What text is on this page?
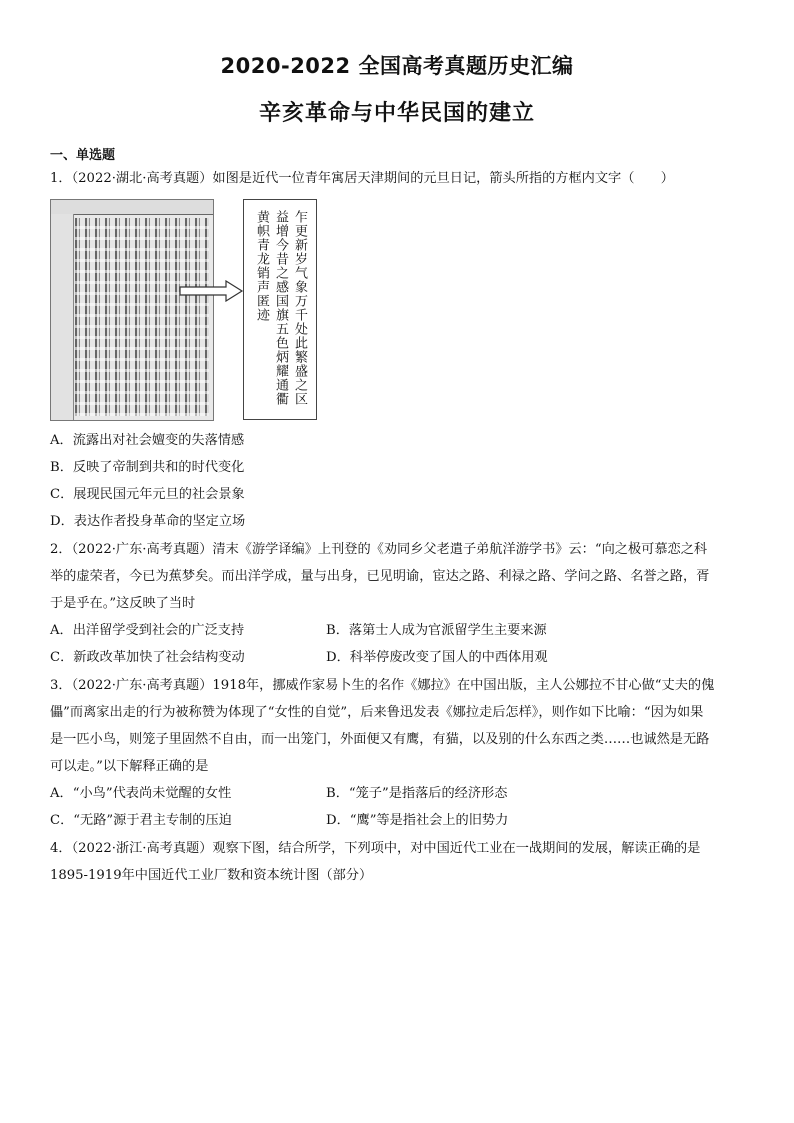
2020-2022 全国高考真题历史汇编
辛亥革命与中华民国的建立
一、单选题
1．（2022·湖北·高考真题）如图是近代一位青年寓居天津期间的元旦日记，箭头所指的方框内文字（　　）
乍更新岁气象万千处此繁盛之区
益增今昔之感国旗五色炳耀通衢
黄帜青龙销声匿迹
A．流露出对社会嬗变的失落情感
B．反映了帝制到共和的时代变化
C．展现民国元年元旦的社会景象
D．表达作者投身革命的坚定立场
2．（2022·广东·高考真题）清末《游学译编》上刊登的《劝同乡父老遣子弟航洋游学书》云：“向之极可慕恋之科
举的虚荣者，今已为蕉梦矣。而出洋学成，量与出身，已见明谕，宦达之路、利禄之路、学问之路、名誉之路，胥
于是乎在。”这反映了当时
A．出洋留学受到社会的广泛支持	B．落第士人成为官派留学生主要来源
C．新政改革加快了社会结构变动	D．科举停废改变了国人的中西体用观
3．（2022·广东·高考真题）1918年，挪威作家易卜生的名作《娜拉》在中国出版，主人公娜拉不甘心做“丈夫的傀
儡”而离家出走的行为被称赞为体现了“女性的自觉”，后来鲁迅发表《娜拉走后怎样》，则作如下比喻：“因为如果
是一匹小鸟，则笼子里固然不自由，而一出笼门，外面便又有鹰，有猫，以及别的什么东西之类……也诚然是无路
可以走。”以下解释正确的是
A．“小鸟”代表尚未觉醒的女性	B．“笼子”是指落后的经济形态
C．“无路”源于君主专制的压迫	D．“鹰”等是指社会上的旧势力
4．（2022·浙江·高考真题）观察下图，结合所学，下列项中，对中国近代工业在一战期间的发展，解读正确的是
1895-1919年中国近代工业厂数和资本统计图（部分）
